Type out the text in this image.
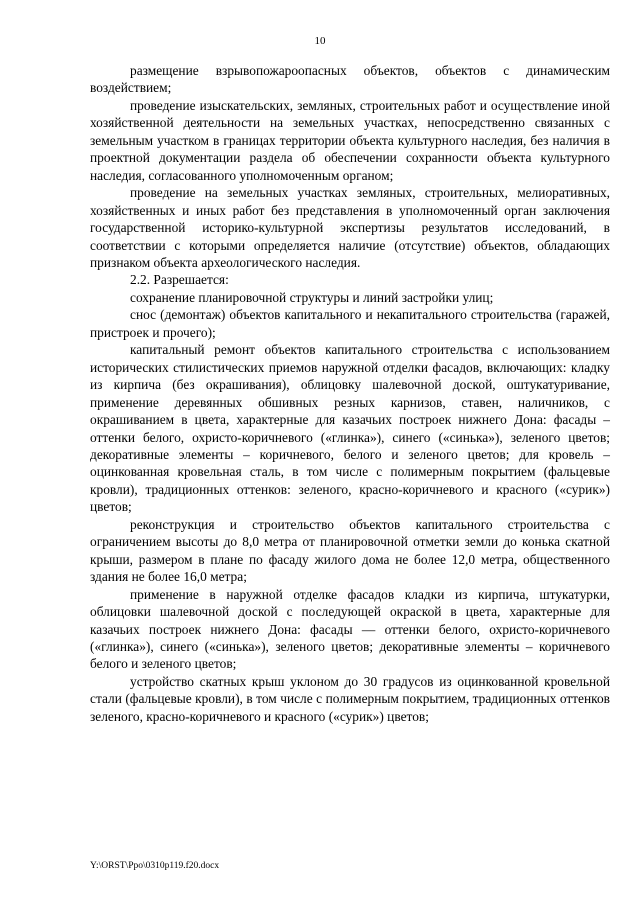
10

размещение взрывопожароопасных объектов, объектов с динамическим воздействием;

проведение изыскательских, земляных, строительных работ и осуществление иной хозяйственной деятельности на земельных участках, непосредственно связанных с земельным участком в границах территории объекта культурного наследия, без наличия в проектной документации раздела об обеспечении сохранности объекта культурного наследия, согласованного уполномоченным органом;

проведение на земельных участках земляных, строительных, мелиоративных, хозяйственных и иных работ без представления в уполномоченный орган заключения государственной историко-культурной экспертизы результатов исследований, в соответствии с которыми определяется наличие (отсутствие) объектов, обладающих признаком объекта археологического наследия.

2.2. Разрешается:

сохранение планировочной структуры и линий застройки улиц;

снос (демонтаж) объектов капитального и некапитального строительства (гаражей, пристроек и прочего);

капитальный ремонт объектов капитального строительства с использованием исторических стилистических приемов наружной отделки фасадов, включающих: кладку из кирпича (без окрашивания), облицовку шалевочной доской, оштукатуривание, применение деревянных обшивных резных карнизов, ставен, наличников, с окрашиванием в цвета, характерные для казачьих построек нижнего Дона: фасады – оттенки белого, охристо-коричневого («глинка»), синего («синька»), зеленого цветов; декоративные элементы – коричневого, белого и зеленого цветов; для кровель – оцинкованная кровельная сталь, в том числе с полимерным покрытием (фальцевые кровли), традиционных оттенков: зеленого, красно-коричневого и красного («сурик») цветов;

реконструкция и строительство объектов капитального строительства с ограничением высоты до 8,0 метра от планировочной отметки земли до конька скатной крыши, размером в плане по фасаду жилого дома не более 12,0 метра, общественного здания не более 16,0 метра;

применение в наружной отделке фасадов кладки из кирпича, штукатурки, облицовки шалевочной доской с последующей окраской в цвета, характерные для казачьих построек нижнего Дона: фасады — оттенки белого, охристо-коричневого («глинка»), синего («синька»), зеленого цветов; декоративные элементы – коричневого белого и зеленого цветов;

устройство скатных крыш уклоном до 30 градусов из оцинкованной кровельной стали (фальцевые кровли), в том числе с полимерным покрытием, традиционных оттенков зеленого, красно-коричневого и красного («сурик») цветов;

Y:\ORST\Ppo\0310p119.f20.docx
